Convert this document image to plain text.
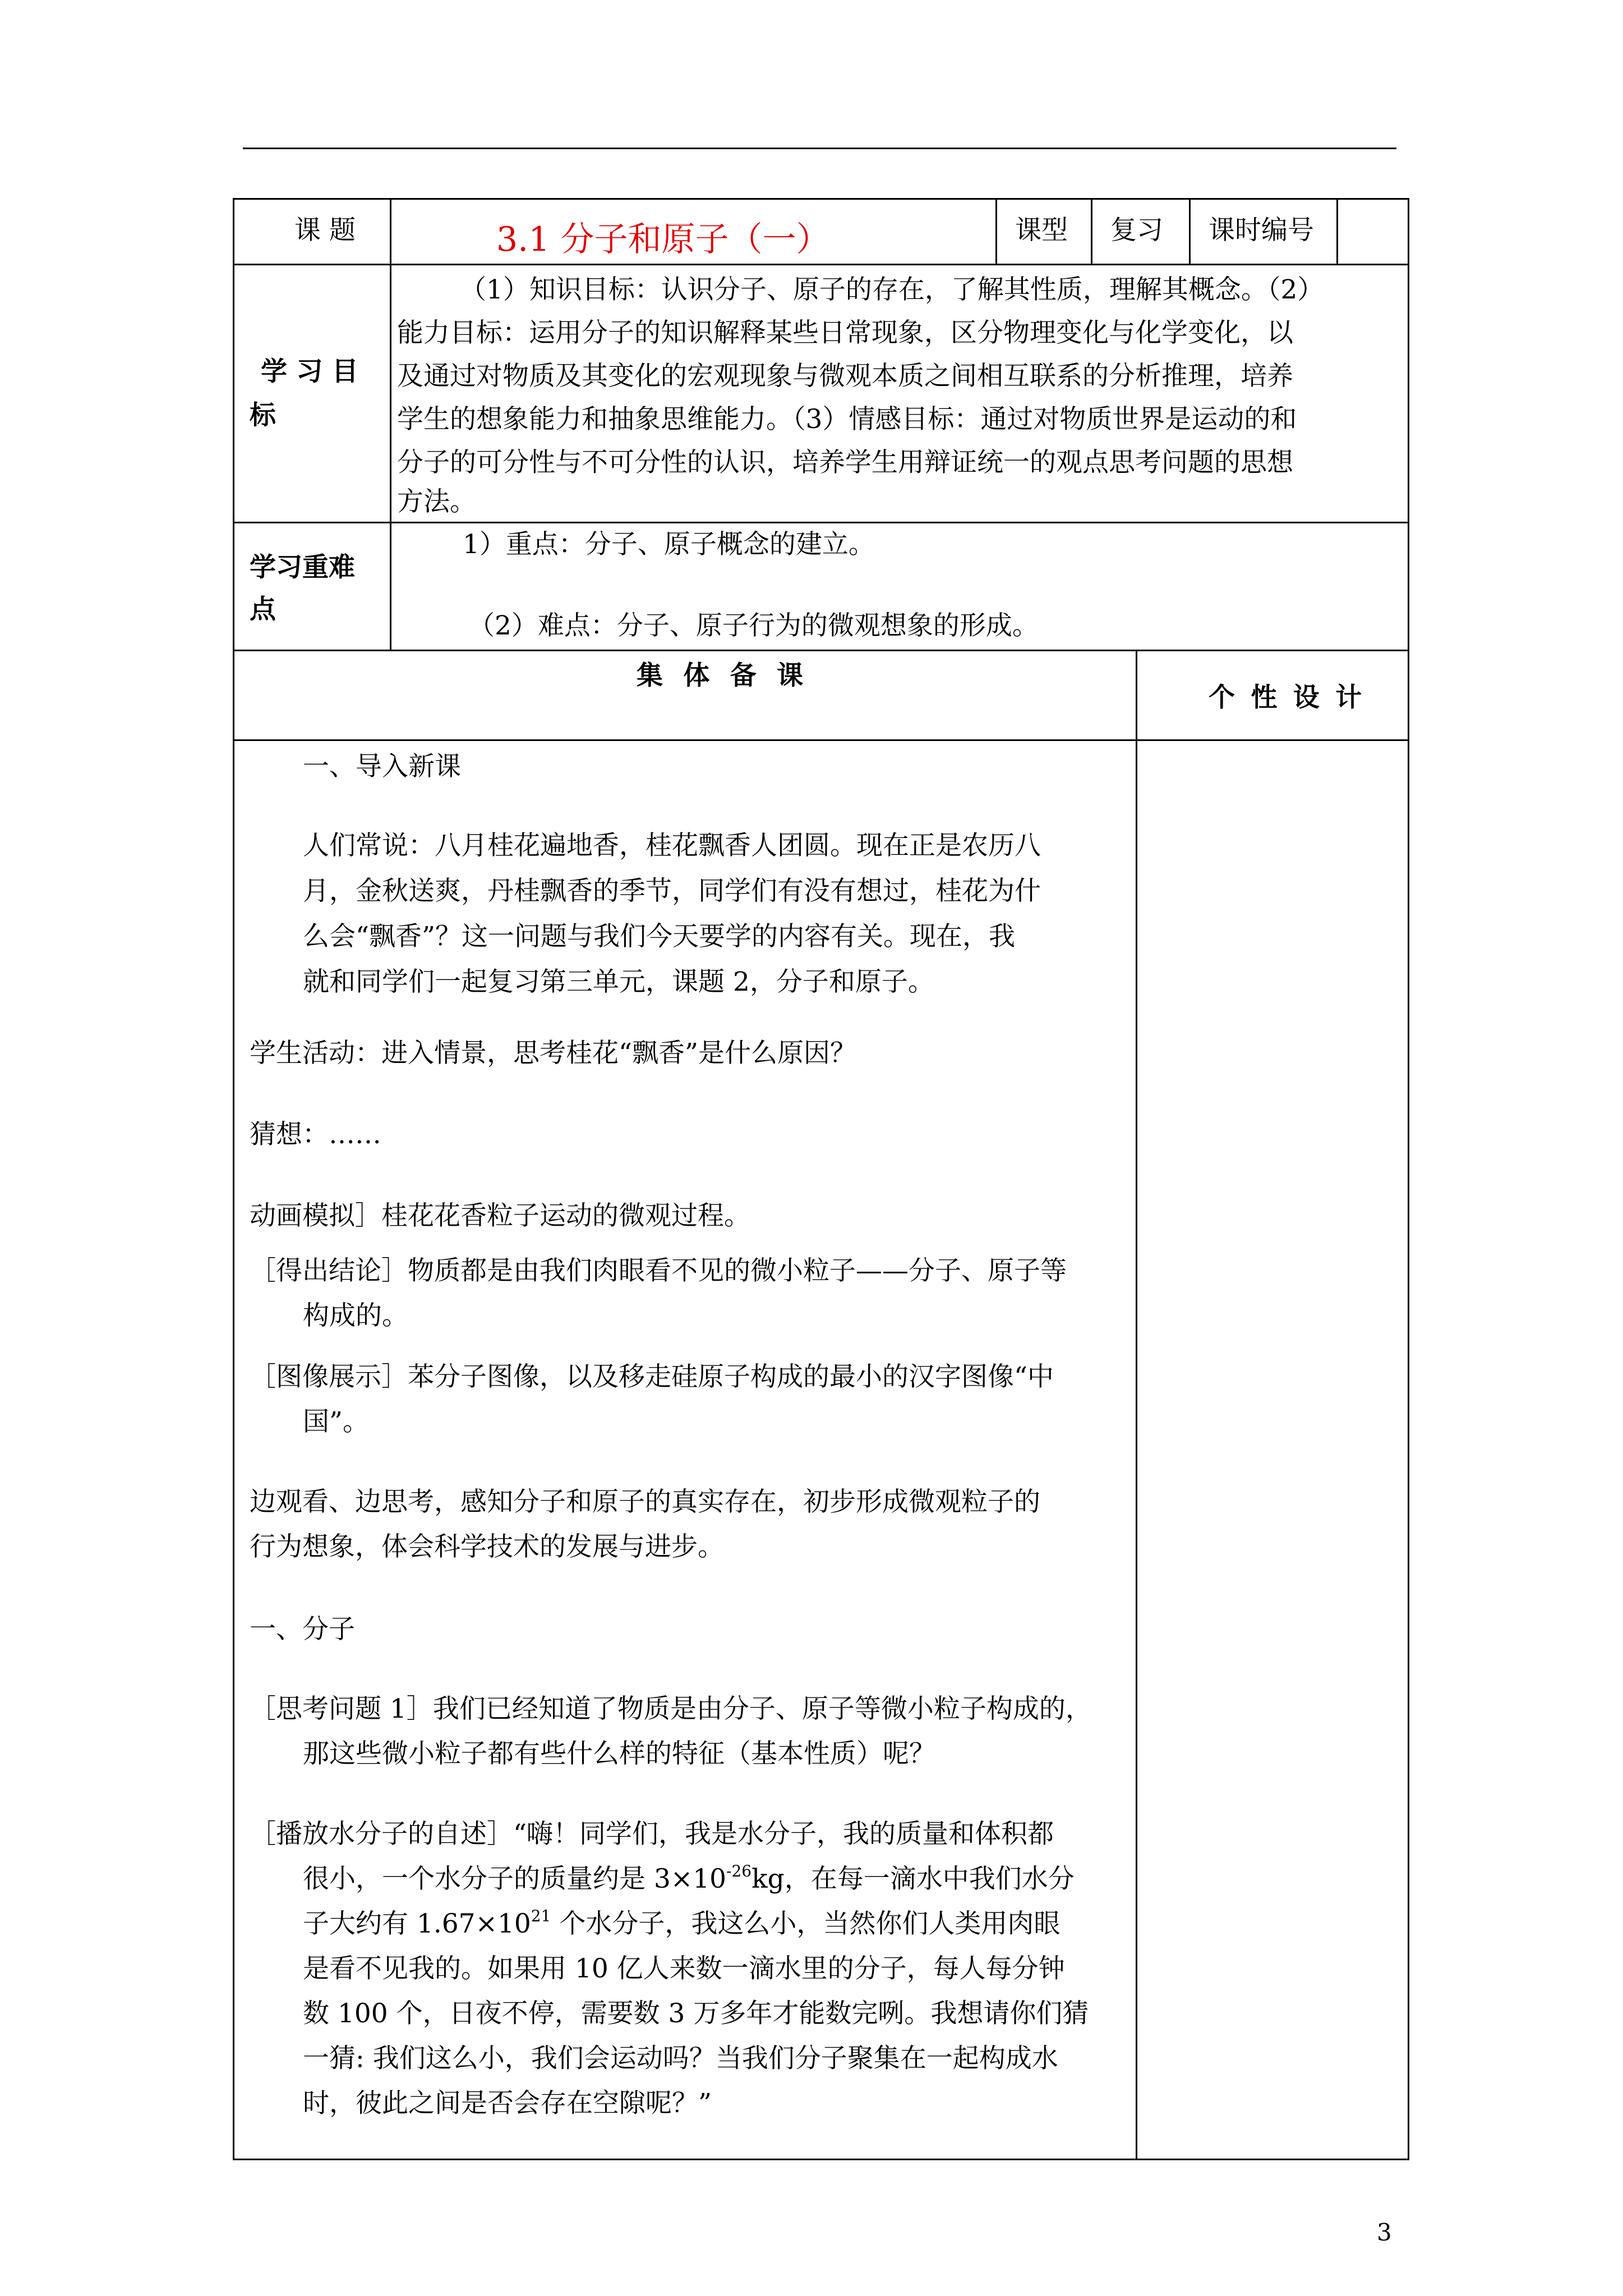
课 题	3.1 分子和原子（一）	课型 复习 课时编号
学 习 目
标
（1）知识目标：认识分子、原子的存在，了解其性质，理解其概念。（2）
能力目标：运用分子的知识解释某些日常现象，区分物理变化与化学变化，以
及通过对物质及其变化的宏观现象与微观本质之间相互联系的分析推理，培养
学生的想象能力和抽象思维能力。（3）情感目标：通过对物质世界是运动的和
分子的可分性与不可分性的认识，培养学生用辩证统一的观点思考问题的思想
方法。
学习重难
点
1）重点：分子、原子概念的建立。
（2）难点：分子、原子行为的微观想象的形成。
集 体 备 课
个 性 设 计
一、导入新课
人们常说：八月桂花遍地香，桂花飘香人团圆。现在正是农历八
月，金秋送爽，丹桂飘香的季节，同学们有没有想过，桂花为什
么会“飘香”？这一问题与我们今天要学的内容有关。现在，我
就和同学们一起复习第三单元，课题 2，分子和原子。
学生活动：进入情景，思考桂花“飘香”是什么原因？
猜想：……
动画模拟］桂花花香粒子运动的微观过程。
［得出结论］物质都是由我们肉眼看不见的微小粒子——分子、原子等
构成的。
［图像展示］苯分子图像，以及移走硅原子构成的最小的汉字图像“中
国”。
边观看、边思考，感知分子和原子的真实存在，初步形成微观粒子的
行为想象，体会科学技术的发展与进步。
一、分子
［思考问题 1］我们已经知道了物质是由分子、原子等微小粒子构成的，
那这些微小粒子都有些什么样的特征（基本性质）呢？
［播放水分子的自述］“嗨！同学们，我是水分子，我的质量和体积都
很小，一个水分子的质量约是 $3\times 10^{-26}kg$，在每一滴水中我们水分
子大约有 $1.67\times 10^{21}$ 个水分子，我这么小，当然你们人类用肉眼
是看不见我的。如果用 10 亿人来数一滴水里的分子，每人每分钟
数 100 个，日夜不停，需要数 3 万多年才能数完咧。我想请你们猜
一猜: 我们这么小，我们会运动吗？当我们分子聚集在一起构成水
时，彼此之间是否会存在空隙呢？”
3
